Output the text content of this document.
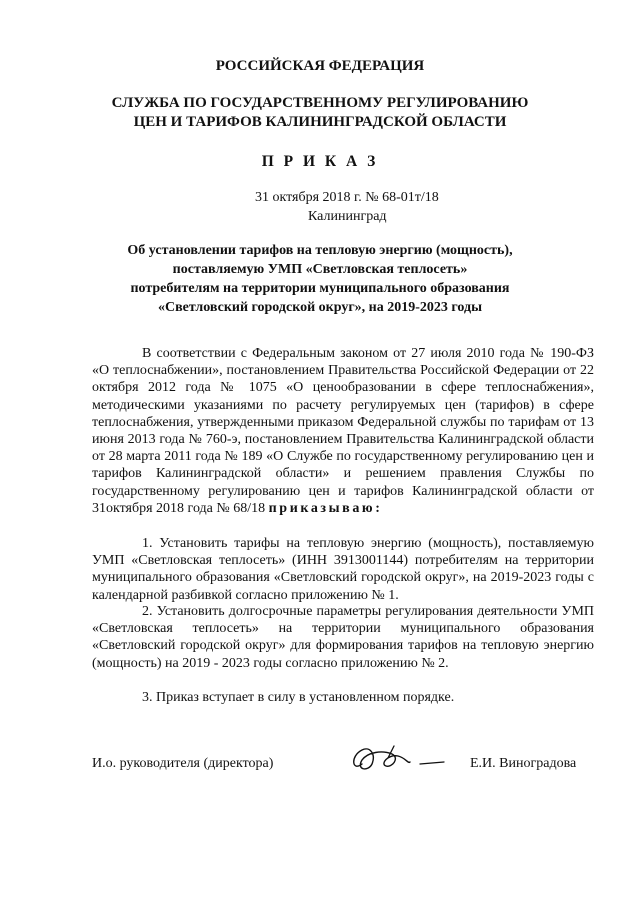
РОССИЙСКАЯ ФЕДЕРАЦИЯ
СЛУЖБА ПО ГОСУДАРСТВЕННОМУ РЕГУЛИРОВАНИЮ
ЦЕН И ТАРИФОВ КАЛИНИНГРАДСКОЙ ОБЛАСТИ
П Р И К А З
31 октября 2018 г. № 68-01т/18
Калининград
Об установлении тарифов на тепловую энергию (мощность),
поставляемую УМП «Светловская теплосеть»
потребителям на территории муниципального образования
«Светловский городской округ», на 2019-2023 годы

В соответствии с Федеральным законом от 27 июля 2010 года № 190-ФЗ «О теплоснабжении», постановлением Правительства Российской Федерации от 22 октября 2012 года № 1075 «О ценообразовании в сфере теплоснабжения», методическими указаниями по расчету регулируемых цен (тарифов) в сфере теплоснабжения, утвержденными приказом Федеральной службы по тарифам от 13 июня 2013 года № 760-э, постановлением Правительства Калининградской области от 28 марта 2011 года № 189 «О Службе по государственному регулированию цен и тарифов Калининградской области» и решением правления Службы по государственному регулированию цен и тарифов Калининградской области от 31октября 2018 года № 68/18 приказываю:

1. Установить тарифы на тепловую энергию (мощность), поставляемую УМП «Светловская теплосеть» (ИНН 3913001144) потребителям на территории муниципального образования «Светловский городской округ», на 2019-2023 годы с календарной разбивкой согласно приложению № 1.

2. Установить долгосрочные параметры регулирования деятельности УМП «Светловская теплосеть» на территории муниципального образования «Светловский городской округ» для формирования тарифов на тепловую энергию (мощность) на 2019 - 2023 годы согласно приложению № 2.

3. Приказ вступает в силу в установленном порядке.

И.о. руководителя (директора)	Е.И. Виноградова
